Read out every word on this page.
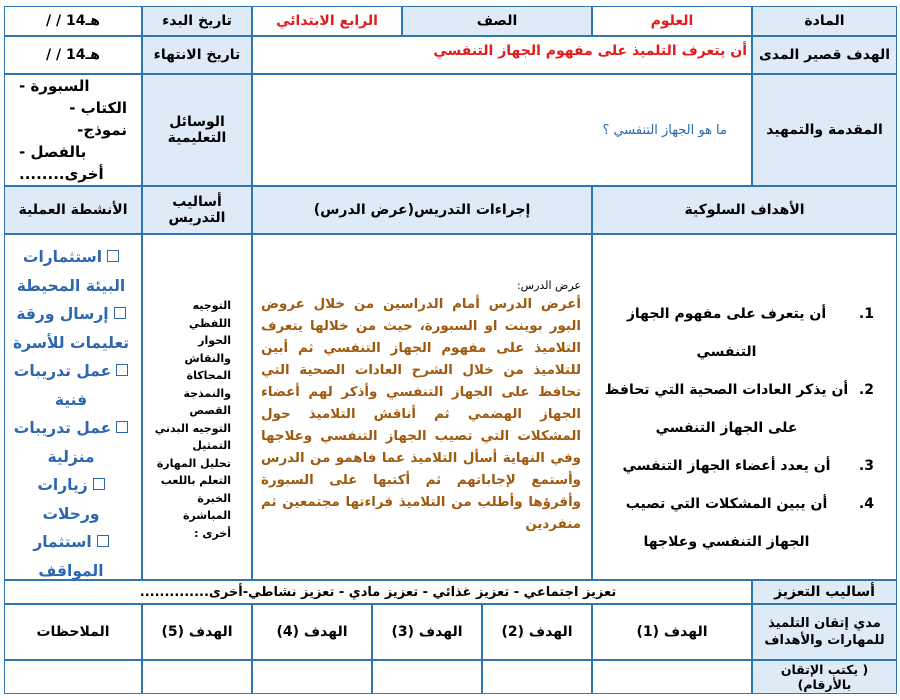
المادة
العلوم
الصف
الرابع الابتدائي
تاريخ البدء
/ / 14هـ
الهدف قصير المدى
أن يتعرف التلميذ على مفهوم الجهاز التنفسي
تاريخ الانتهاء
/ / 14هـ
المقدمة والتمهيد
ما هو الجهاز التنفسي ؟
الوسائل التعليمية
السبورة -
الكتاب - نموذج-
بالفصل -
أخرى........
الأهداف السلوكية
إجراءات التدريس(عرض الدرس)
أساليب التدريس
الأنشطة العملية
1. أن يتعرف على مفهوم الجهاز التنفسي
2. أن يذكر العادات الصحية التي تحافظ على الجهاز التنفسي
3. أن يعدد أعضاء الجهاز التنفسي
4. أن يبين المشكلات التي تصيب الجهاز التنفسي وعلاجها
عرض الدرس:
أعرض الدرس أمام الدراسين من خلال عروض البور بوينت او السبورة، حيث من خلالها يتعرف التلاميذ على مفهوم الجهاز التنفسي ثم أبين للتلاميذ من خلال الشرح العادات الصحية التي تحافظ على الجهاز التنفسي وأذكر لهم أعضاء الجهاز الهضمي ثم أناقش التلاميذ حول المشكلات التي تصيب الجهاز التنفسي وعلاجها وفي النهاية أسأل التلاميذ عما فاهمو من الدرس وأستمع لإجاباتهم ثم أكتبها على السبورة وأقرؤها وأطلب من التلاميذ قراءتها مجتمعين ثم منفردين
التوجيه اللفظي
الحوار والنقاش
المحاكاة والنمذجة
القصص
التوجيه البدني
التمثيل
تحليل المهارة
التعلم باللعب
الخبرة المباشرة
أخرى :
استثمارات البيئة المحيطة
إرسال ورقة تعليمات للأسرة
عمل تدريبات فنية
عمل تدريبات منزلية
زيارات ورحلات
استثمار المواقف
أساليب التعزيز
تعزيز اجتماعي - تعزيز غذائي - تعزيز مادي - تعزيز نشاطي-أخرى..............
مدي إتقان التلميذ للمهارات والأهداف
الهدف (1)
الهدف (2)
الهدف (3)
الهدف (4)
الهدف (5)
الملاحظات
( يكتب الإتقان بالأرقام)
